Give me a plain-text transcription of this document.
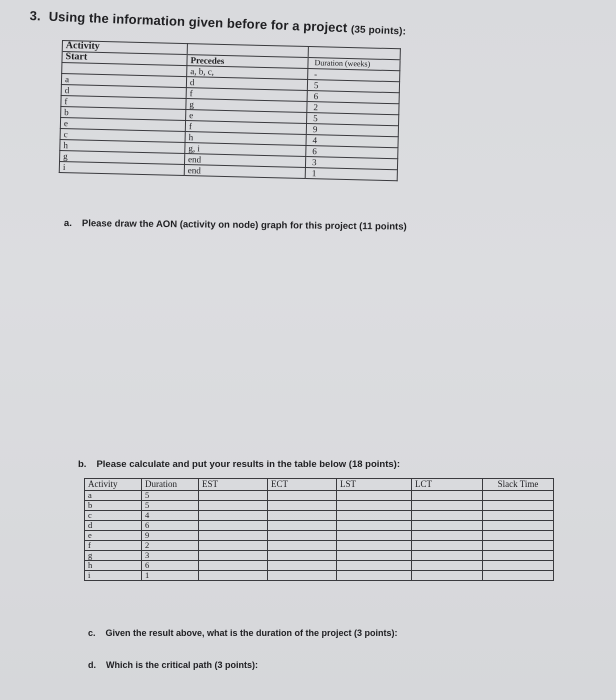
3. Using the information given before for a project (35 points):
Activity		
Start	Precedes	Duration (weeks)
	a, b, c,	-
a	d	5
d	f	6
f	g	2
b	e	5
e	f	9
c	h	4
h	g, i	6
g	end	3
i	end	1
a. Please draw the AON (activity on node) graph for this project (11 points)
b. Please calculate and put your results in the table below (18 points):
Activity	Duration	EST	ECT	LST	LCT	Slack Time
a	5					
b	5					
c	4					
d	6					
e	9					
f	2					
g	3					
h	6					
i	1					
c. Given the result above, what is the duration of the project (3 points):
d. Which is the critical path (3 points):
